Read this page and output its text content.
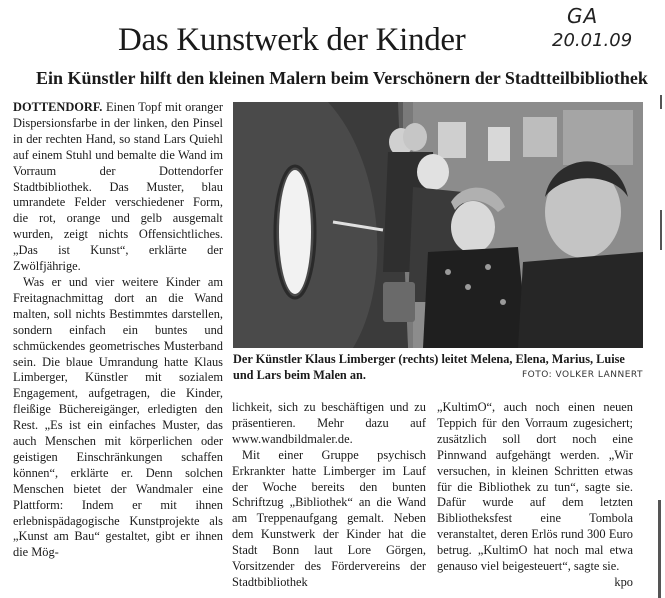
GA
20.01.09
Das Kunstwerk der Kinder
Ein Künstler hilft den kleinen Malern beim Verschönern der Stadtteilbibliothek

DOTTENDORF. Einen Topf mit oranger Dispersionsfarbe in der linken, den Pinsel in der rechten Hand, so stand Lars Quiehl auf einem Stuhl und bemalte die Wand im Vorraum der Dottendorfer Stadtbibliothek. Das Muster, blau umrandete Felder verschiedener Form, die rot, orange und gelb ausgemalt wurden, zeigt nichts Offensichtliches. „Das ist Kunst“, erklärte der Zwölfjährige.

Was er und vier weitere Kinder am Freitagnachmittag dort an die Wand malten, soll nichts Bestimmtes darstellen, sondern einfach ein buntes und schmückendes geometrisches Musterband sein. Die blaue Umrandung hatte Klaus Limberger, Künstler mit sozialem Engagement, aufgetragen, die Kinder, fleißige Büchereigänger, erledigten den Rest. „Es ist ein einfaches Muster, das auch Menschen mit körperlichen oder geistigen Einschränkungen schaffen können“, erklärte er. Denn solchen Menschen bietet der Wandmaler eine Plattform: Indem er mit ihnen erlebnispädagogische Kunstprojekte als „Kunst am Bau“ gestaltet, gibt er ihnen die Mög-

Der Künstler Klaus Limberger (rechts) leitet Melena, Elena, Marius, Luise und Lars beim Malen an.	FOTO: VOLKER LANNERT

lichkeit, sich zu beschäftigen und zu präsentieren. Mehr dazu auf www.wandbildmaler.de.

Mit einer Gruppe psychisch Erkrankter hatte Limberger im Lauf der Woche bereits den bunten Schriftzug „Bibliothek“ an die Wand am Treppenaufgang gemalt. Neben dem Kunstwerk der Kinder hat die Stadt Bonn laut Lore Görgen, Vorsitzender des Fördervereins der Stadtbibliothek

„KultimO“, auch noch einen neuen Teppich für den Vorraum zugesichert; zusätzlich soll dort noch eine Pinnwand aufgehängt werden. „Wir versuchen, in kleinen Schritten etwas für die Bibliothek zu tun“, sagte sie. Dafür wurde auf dem letzten Bibliotheksfest eine Tombola veranstaltet, deren Erlös rund 300 Euro betrug. „KultimO hat noch mal etwa genauso viel beigesteuert“, sagte sie.
kpo
